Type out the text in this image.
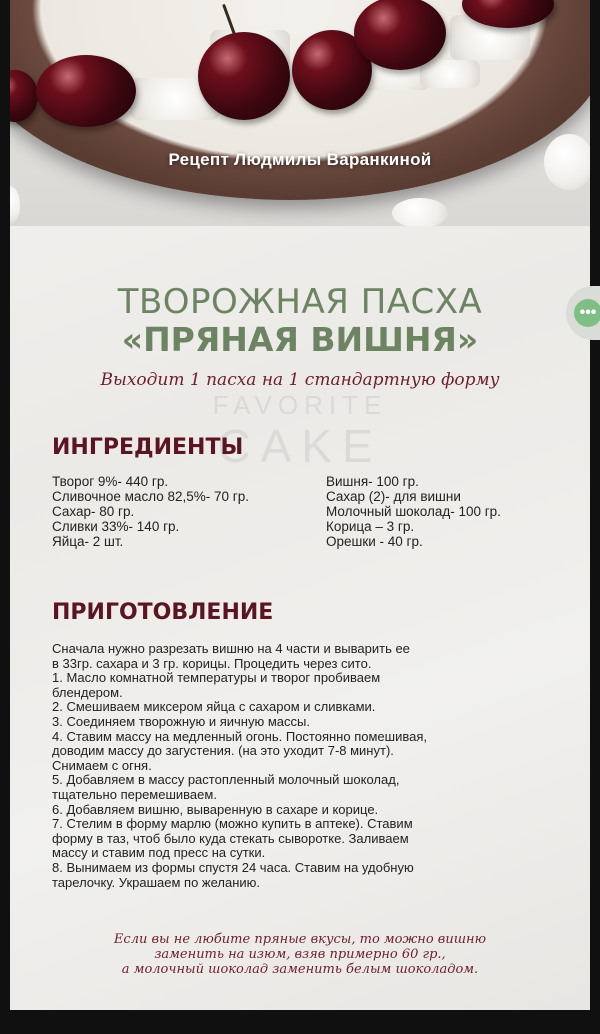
Рецепт Людмилы Варанкиной
FAVORITE
CAKE
ТВОРОЖНАЯ ПАСХА
«ПРЯНАЯ ВИШНЯ»
Выходит 1 пасха на 1 стандартную форму
ИНГРЕДИЕНТЫ
Творог 9%- 440 гр.
Сливочное масло 82,5%- 70 гр.
Сахар- 80 гр.
Сливки 33%- 140 гр.
Яйца- 2 шт.
Вишня- 100 гр.
Сахар (2)- для вишни
Молочный шоколад- 100 гр.
Корица – 3 гр.
Орешки - 40 гр.
ПРИГОТОВЛЕНИЕ
Сначала нужно разрезать вишню на 4 части и выварить ее
в 33гр. сахара и 3 гр. корицы. Процедить через сито.
1. Масло комнатной температуры и творог пробиваем
блендером.
2. Смешиваем миксером яйца с сахаром и сливками.
3. Соединяем творожную и яичную массы.
4. Ставим массу на медленный огонь. Постоянно помешивая,
доводим массу до загустения. (на это уходит 7-8 минут).
Снимаем с огня.
5. Добавляем в массу растопленный молочный шоколад,
тщательно перемешиваем.
6. Добавляем вишню, вываренную в сахаре и корице.
7. Стелим в форму марлю (можно купить в аптеке). Ставим
форму в таз, чтоб было куда стекать сыворотке. Заливаем
массу и ставим под пресс на сутки.
8. Вынимаем из формы спустя 24 часа. Ставим на удобную
тарелочку. Украшаем по желанию.
Если вы не любите пряные вкусы, то можно вишню
заменить на изюм, взяв примерно 60 гр.,
а молочный шоколад заменить белым шоколадом.
•••
